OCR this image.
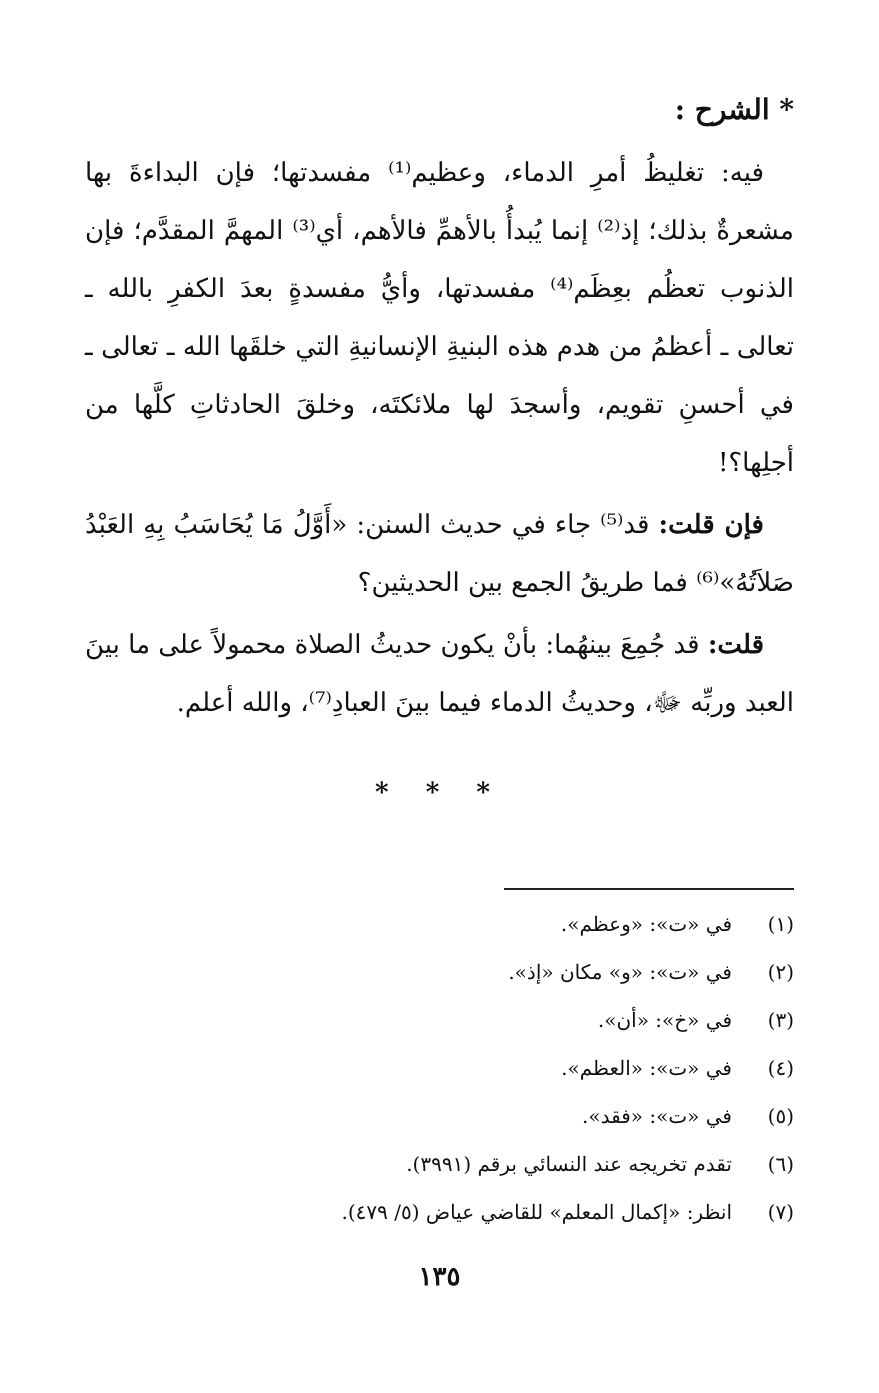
* الشرح :

فيه: تغليظُ أمرِ الدماء، وعظيم⁽¹⁾ مفسدتها؛ فإن البداءةَ بها مشعرةٌ بذلك؛ إذ⁽²⁾ إنما يُبدأُ بالأهمِّ فالأهم، أي⁽³⁾ المهمَّ المقدَّم؛ فإن الذنوب تعظُم بعِظَم⁽⁴⁾ مفسدتها، وأيُّ مفسدةٍ بعدَ الكفرِ بالله ـ تعالى ـ أعظمُ من هدم هذه البنيةِ الإنسانيةِ التي خلقَها الله ـ تعالى ـ في أحسنِ تقويم، وأسجدَ لها ملائكتَه، وخلقَ الحادثاتِ كلَّها من أجلِها؟!

فإن قلت: قد⁽⁵⁾ جاء في حديث السنن: «أَوَّلُ مَا يُحَاسَبُ بِهِ العَبْدُ صَلاَتُهُ»⁽⁶⁾ فما طريقُ الجمع بين الحديثين؟

قلت: قد جُمِعَ بينهُما: بأنْ يكون حديثُ الصلاة محمولاً على ما بينَ العبد وربِّه ﷻ، وحديثُ الدماء فيما بينَ العبادِ⁽⁷⁾، والله أعلم.

* * *
(١)في «ت»: «وعظم».
(٢)في «ت»: «و» مكان «إذ».
(٣)في «خ»: «أن».
(٤)في «ت»: «العظم».
(٥)في «ت»: «فقد».
(٦)تقدم تخريجه عند النسائي برقم (٣٩٩١).
(٧)انظر: «إكمال المعلم» للقاضي عياض (٥/ ٤٧٩).
١٣٥
